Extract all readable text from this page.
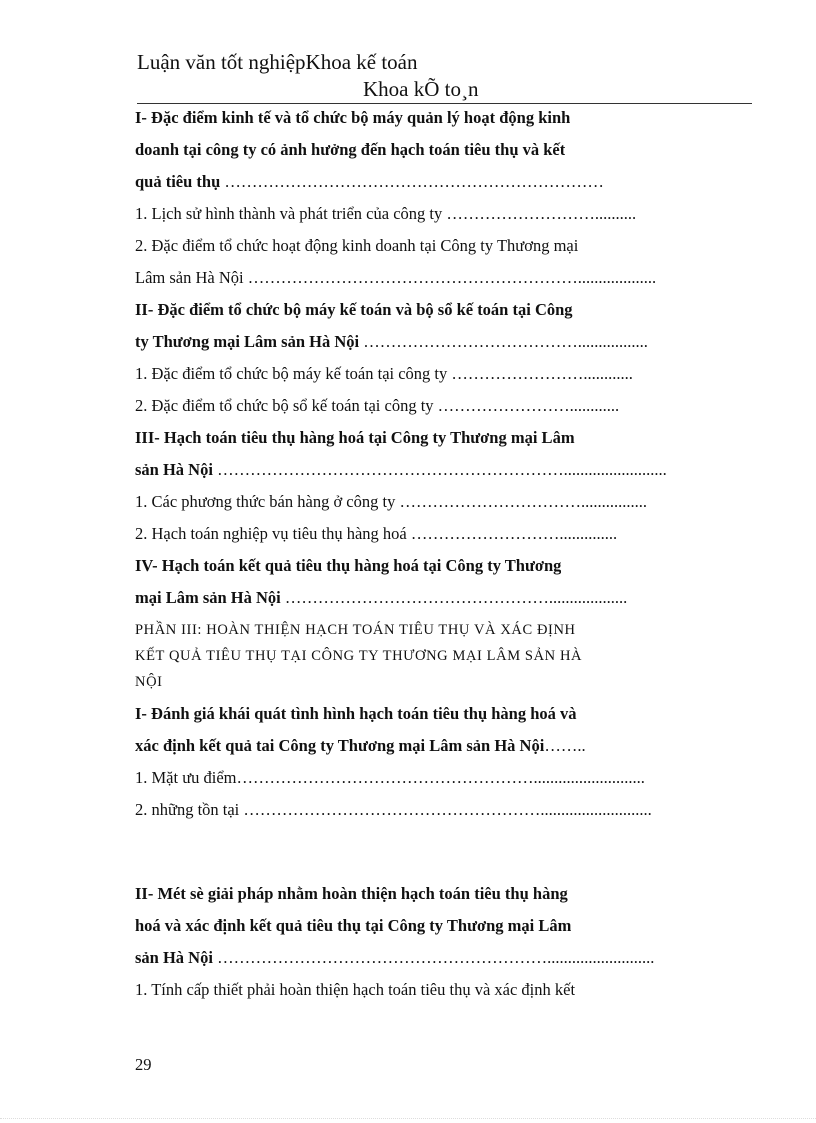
Luận văn tốt nghiệpKhoa kế toán
Khoa kÕ to¸n
I- Đặc điểm kinh tế và tổ chức bộ máy quản lý hoạt động kinh
doanh tại công ty có ảnh hưởng đến hạch toán tiêu thụ và kết
quả tiêu thụ ……………………………………………………………
1. Lịch sử hình thành và phát triển của công ty ………………………..........
2. Đặc điểm tổ chức hoạt động kinh doanh tại Công ty Thương mại
Lâm sản Hà Nội ……………………………………………………...................
II- Đặc điểm tổ chức bộ máy kế toán và bộ sổ kế toán tại Công
ty Thương mại Lâm sản Hà Nội ………………………………….................
1. Đặc điểm tổ chức bộ máy kế toán tại công ty ……………………............
2. Đặc điểm tổ chức bộ sổ kế toán tại công ty ……………………............
III- Hạch toán tiêu thụ hàng hoá tại Công ty Thương mại Lâm
sản Hà Nội ……………………………………………………….........................
1. Các phương thức bán hàng ở công ty ……………………………................
2. Hạch toán nghiệp vụ tiêu thụ hàng hoá ………………………..............
IV- Hạch toán kết quả tiêu thụ hàng hoá tại Công ty Thương
mại Lâm sản Hà Nội …………………………………………...................
PHẦN III: HOÀN THIỆN HẠCH TOÁN TIÊU THỤ VÀ XÁC ĐỊNH
KẾT QUẢ TIÊU THỤ TẠI CÔNG TY THƯƠNG MẠI LÂM SẢN HÀ
NỘI
I- Đánh giá khái quát tình hình hạch toán tiêu thụ hàng hoá và
xác định kết quả tai Công ty Thương mại Lâm sản Hà Nội……..
1. Mặt ưu điểm………………………………………………...........................
2. những tồn tại ………………………………………………...........................
II- Mét sè giải pháp nhằm hoàn thiện hạch toán tiêu thụ hàng
hoá và xác định kết quả tiêu thụ tại Công ty Thương mại Lâm
sản Hà Nội ……………………………………………………..........................
1. Tính cấp thiết phải hoàn thiện hạch toán tiêu thụ và xác định kết
29
